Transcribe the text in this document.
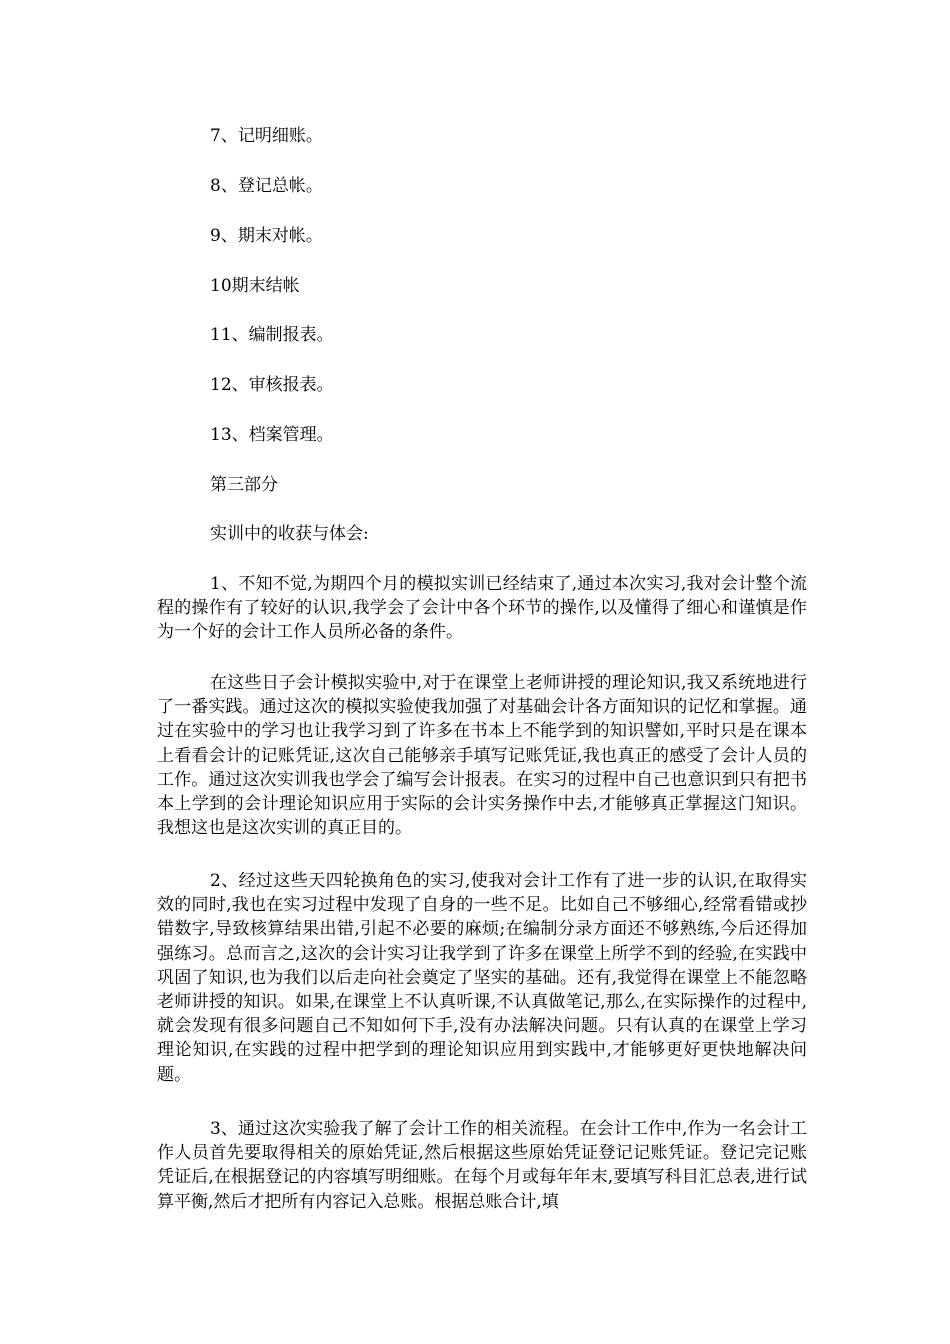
7、记明细账。

8、登记总帐。

9、期末对帐。

10期末结帐

11、编制报表。

12、审核报表。

13、档案管理。

第三部分

实训中的收获与体会:

1、不知不觉,为期四个月的模拟实训已经结束了,通过本次实习,我对会计整个流程的操作有了较好的认识,我学会了会计中各个环节的操作,以及懂得了细心和谨慎是作为一个好的会计工作人员所必备的条件。

在这些日子会计模拟实验中,对于在课堂上老师讲授的理论知识,我又系统地进行了一番实践。通过这次的模拟实验使我加强了对基础会计各方面知识的记忆和掌握。通过在实验中的学习也让我学习到了许多在书本上不能学到的知识譬如,平时只是在课本上看看会计的记账凭证,这次自己能够亲手填写记账凭证,我也真正的感受了会计人员的工作。通过这次实训我也学会了编写会计报表。在实习的过程中自己也意识到只有把书本上学到的会计理论知识应用于实际的会计实务操作中去,才能够真正掌握这门知识。我想这也是这次实训的真正目的。

2、经过这些天四轮换角色的实习,使我对会计工作有了进一步的认识,在取得实效的同时,我也在实习过程中发现了自身的一些不足。比如自己不够细心,经常看错或抄错数字,导致核算结果出错,引起不必要的麻烦;在编制分录方面还不够熟练,今后还得加强练习。总而言之,这次的会计实习让我学到了许多在课堂上所学不到的经验,在实践中巩固了知识,也为我们以后走向社会奠定了坚实的基础。还有,我觉得在课堂上不能忽略老师讲授的知识。如果,在课堂上不认真听课,不认真做笔记,那么,在实际操作的过程中,就会发现有很多问题自己不知如何下手,没有办法解决问题。只有认真的在课堂上学习理论知识,在实践的过程中把学到的理论知识应用到实践中,才能够更好更快地解决问题。

3、通过这次实验我了解了会计工作的相关流程。在会计工作中,作为一名会计工作人员首先要取得相关的原始凭证,然后根据这些原始凭证登记记账凭证。登记完记账凭证后,在根据登记的内容填写明细账。在每个月或每年年末,要填写科目汇总表,进行试算平衡,然后才把所有内容记入总账。根据总账合计,填
